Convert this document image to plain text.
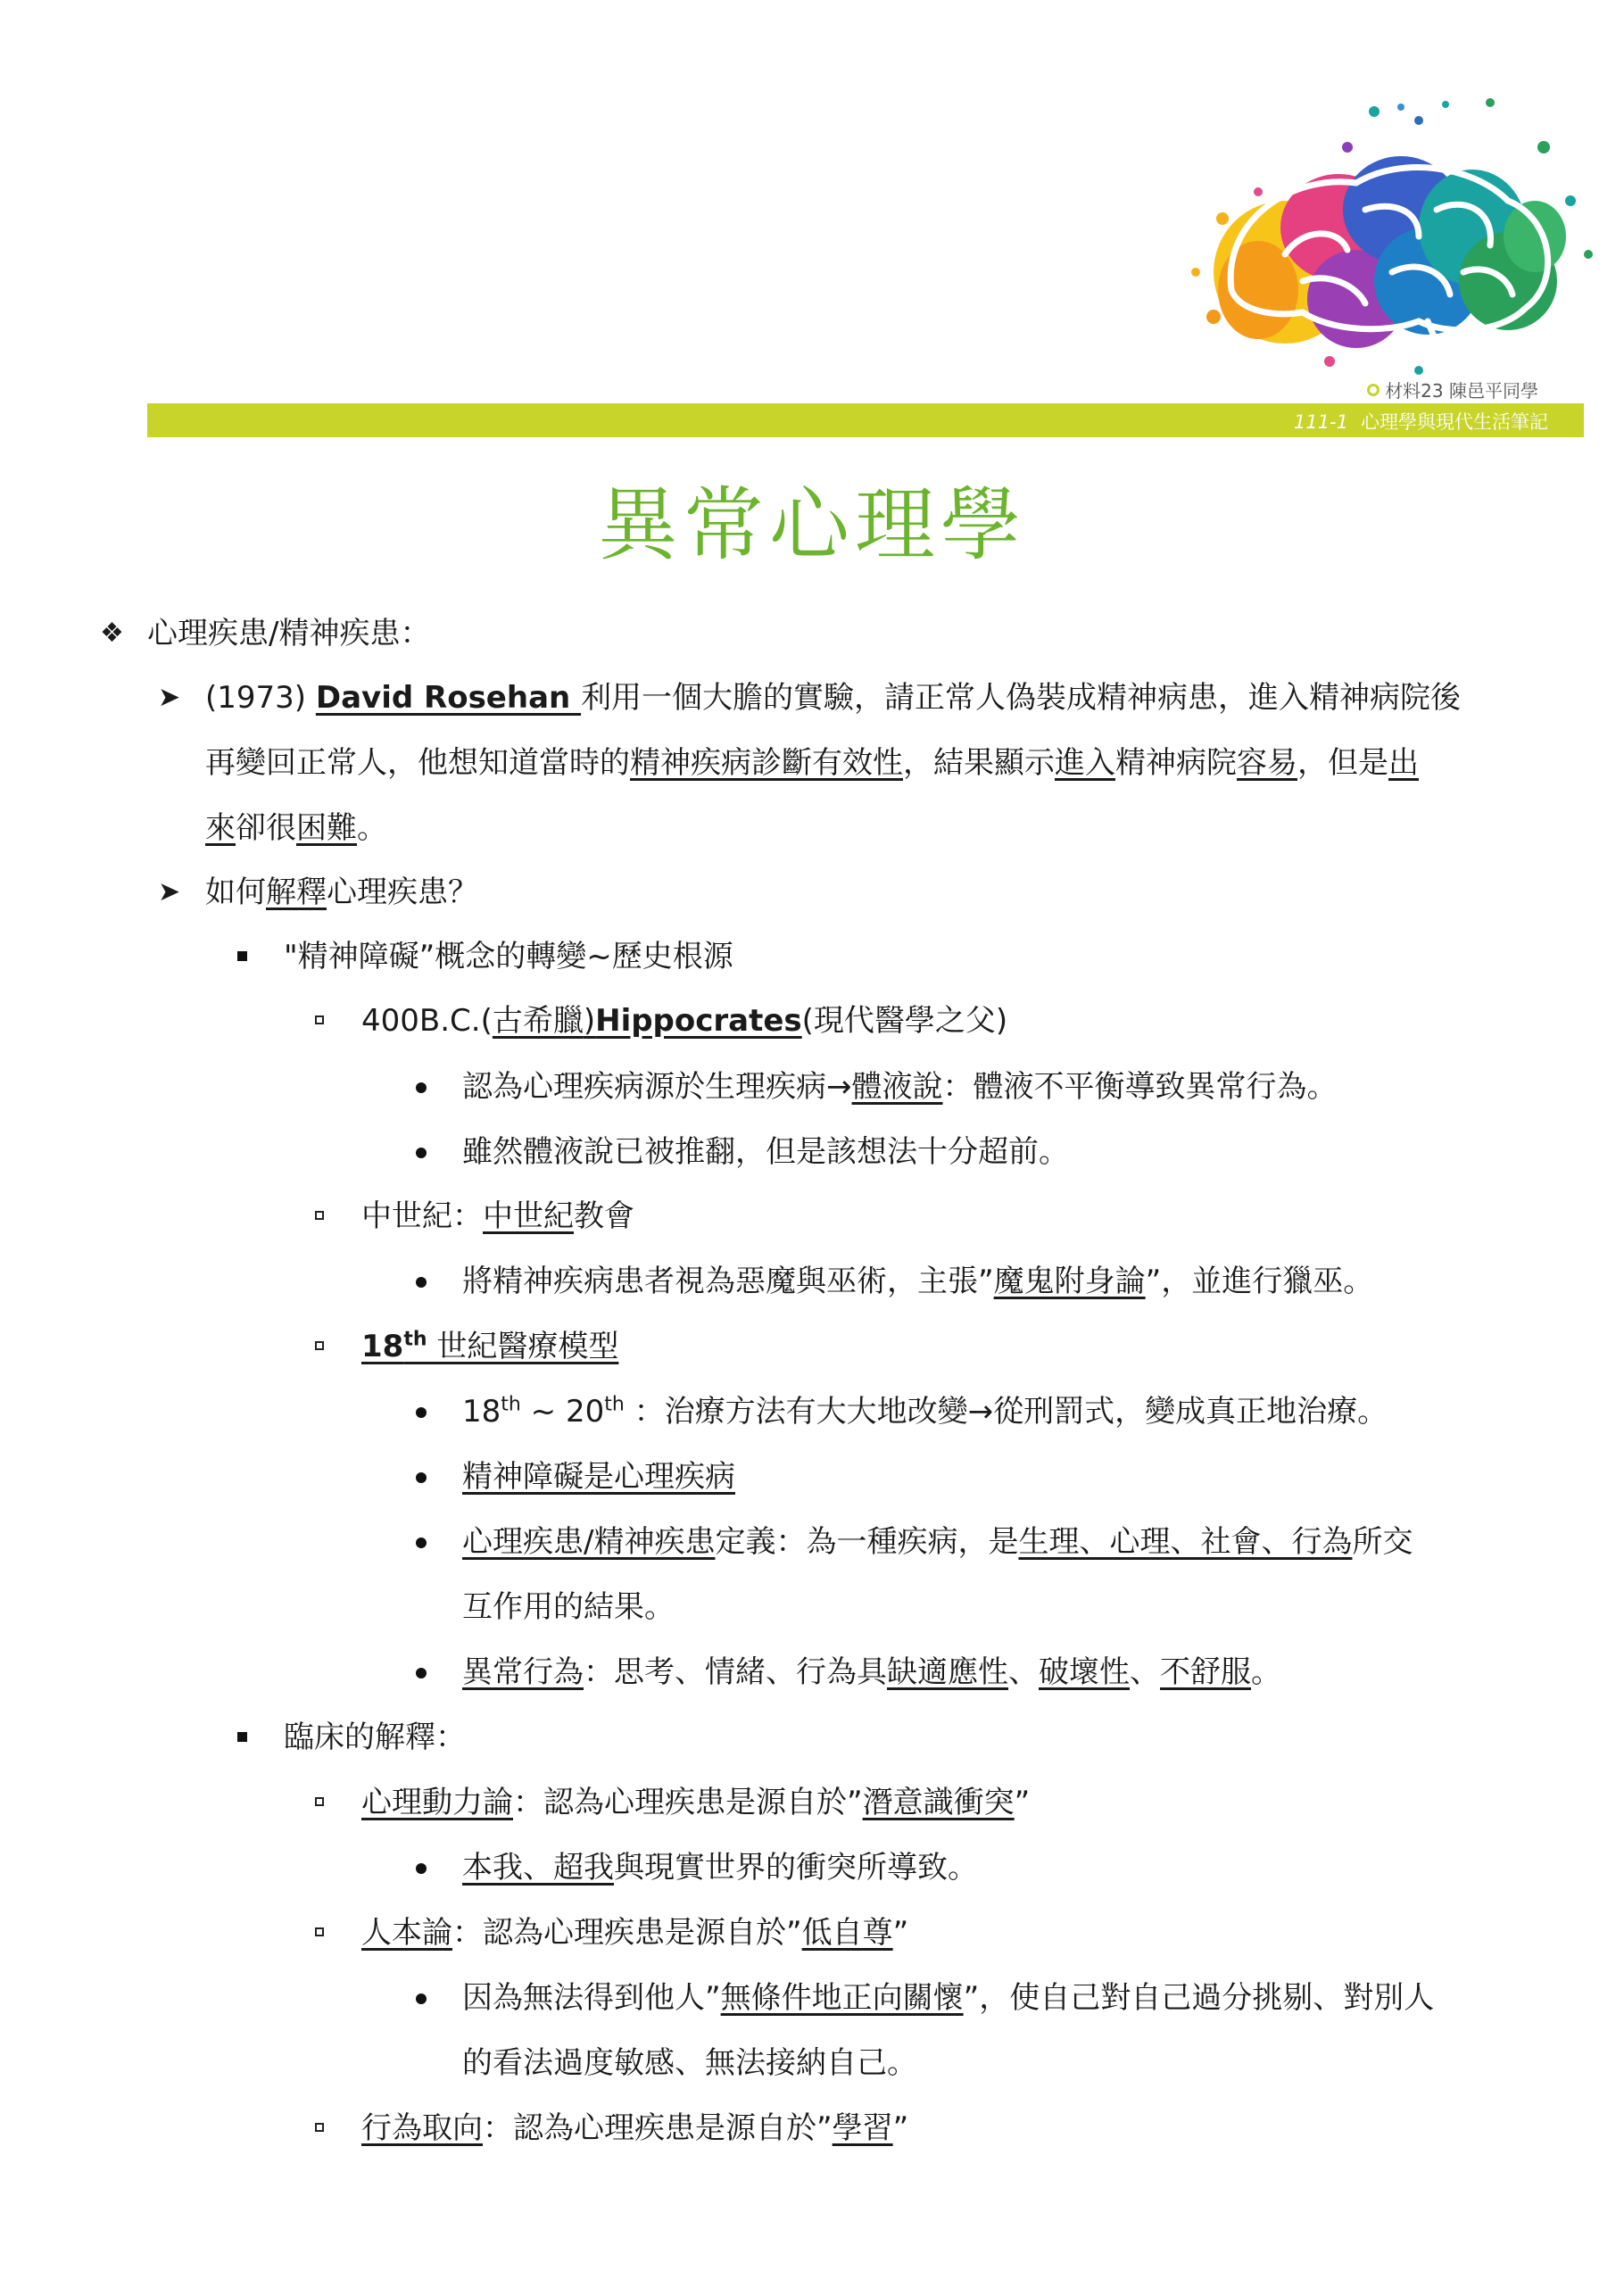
材料23 陳邑平同學
111-1 心理學與現代生活筆記
異常心理學
❖ 心理疾患/精神疾患：
➤ (1973) David Rosehan 利用一個大膽的實驗，請正常人偽裝成精神病患，進入精神病院後
再變回正常人，他想知道當時的精神疾病診斷有效性，結果顯示進入精神病院容易，但是出
來卻很困難。
➤ 如何解釋心理疾患？
"精神障礙”概念的轉變~歷史根源
400B.C.(古希臘)Hippocrates(現代醫學之父)
認為心理疾病源於生理疾病→體液說：體液不平衡導致異常行為。
雖然體液說已被推翻，但是該想法十分超前。
中世紀：中世紀教會
將精神疾病患者視為惡魔與巫術，主張”魔鬼附身論”，並進行獵巫。
18th 世紀醫療模型
18th ~ 20th ：治療方法有大大地改變→從刑罰式，變成真正地治療。
精神障礙是心理疾病
心理疾患/精神疾患定義：為一種疾病，是生理、心理、社會、行為所交
互作用的結果。
異常行為：思考、情緒、行為具缺適應性、破壞性、不舒服。
臨床的解釋：
心理動力論：認為心理疾患是源自於”潛意識衝突”
本我、超我與現實世界的衝突所導致。
人本論：認為心理疾患是源自於”低自尊”
因為無法得到他人”無條件地正向關懷”，使自己對自己過分挑剔、對別人
的看法過度敏感、無法接納自己。
行為取向：認為心理疾患是源自於”學習”
